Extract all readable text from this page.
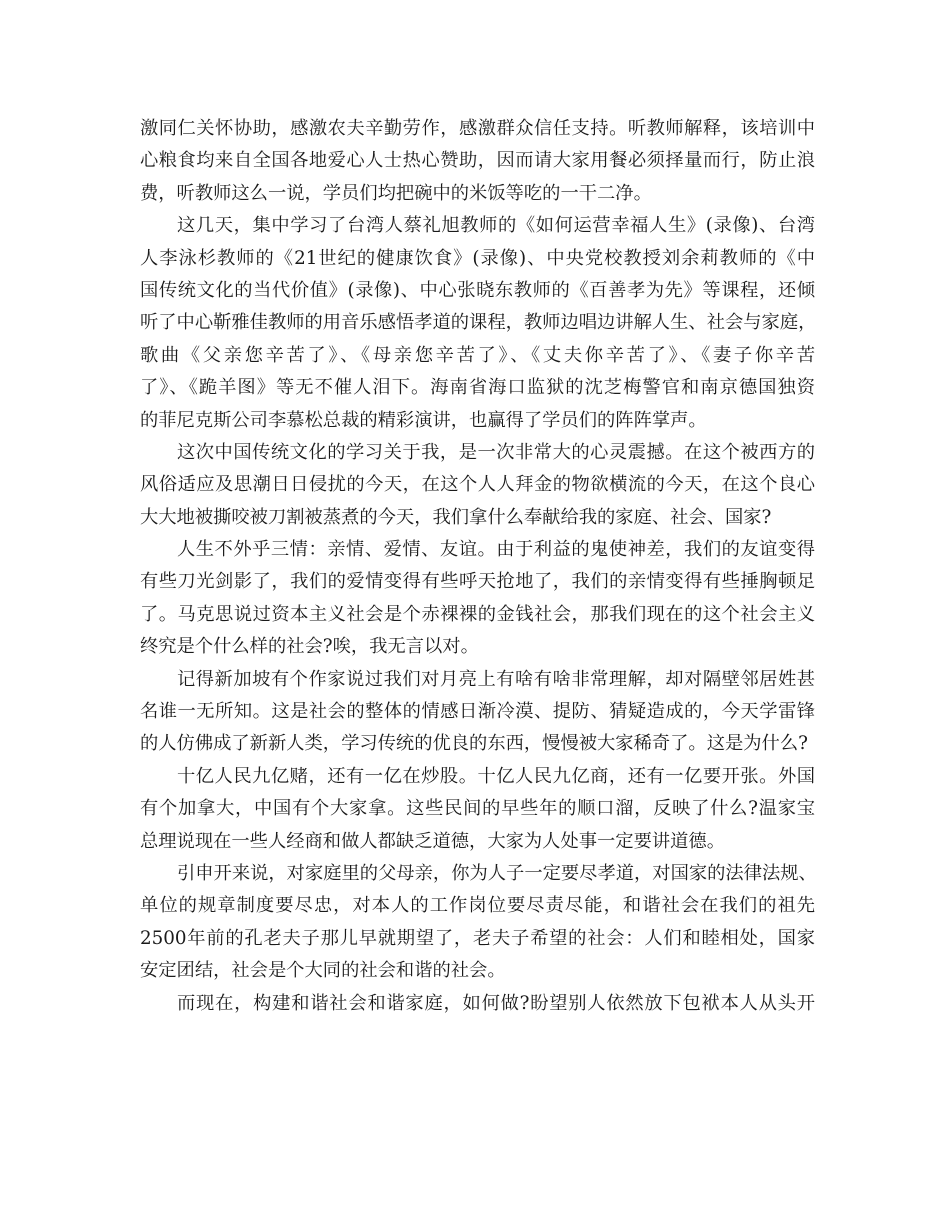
激同仁关怀协助，感激农夫辛勤劳作，感激群众信任支持。听教师解释，该培训中
心粮食均来自全国各地爱心人士热心赞助，因而请大家用餐必须择量而行，防止浪
费，听教师这么一说，学员们均把碗中的米饭等吃的一干二净。
这几天，集中学习了台湾人蔡礼旭教师的《如何运营幸福人生》(录像)、台湾
人李泳杉教师的《21世纪的健康饮食》(录像)、中央党校教授刘余莉教师的《中
国传统文化的当代价值》(录像)、中心张晓东教师的《百善孝为先》等课程，还倾
听了中心靳雅佳教师的用音乐感悟孝道的课程，教师边唱边讲解人生、社会与家庭，
歌曲《父亲您辛苦了》、《母亲您辛苦了》、《丈夫你辛苦了》、《妻子你辛苦
了》、《跪羊图》等无不催人泪下。海南省海口监狱的沈芝梅警官和南京德国独资
的菲尼克斯公司李慕松总裁的精彩演讲，也赢得了学员们的阵阵掌声。
这次中国传统文化的学习关于我，是一次非常大的心灵震撼。在这个被西方的
风俗适应及思潮日日侵扰的今天，在这个人人拜金的物欲横流的今天，在这个良心
大大地被撕咬被刀割被蒸煮的今天，我们拿什么奉献给我的家庭、社会、国家?
人生不外乎三情：亲情、爱情、友谊。由于利益的鬼使神差，我们的友谊变得
有些刀光剑影了，我们的爱情变得有些呼天抢地了，我们的亲情变得有些捶胸顿足
了。马克思说过资本主义社会是个赤裸裸的金钱社会，那我们现在的这个社会主义
终究是个什么样的社会?唉，我无言以对。
记得新加坡有个作家说过我们对月亮上有啥有啥非常理解，却对隔壁邻居姓甚
名谁一无所知。这是社会的整体的情感日渐冷漠、提防、猜疑造成的，今天学雷锋
的人仿佛成了新新人类，学习传统的优良的东西，慢慢被大家稀奇了。这是为什么?
十亿人民九亿赌，还有一亿在炒股。十亿人民九亿商，还有一亿要开张。外国
有个加拿大，中国有个大家拿。这些民间的早些年的顺口溜，反映了什么?温家宝
总理说现在一些人经商和做人都缺乏道德，大家为人处事一定要讲道德。
引申开来说，对家庭里的父母亲，你为人子一定要尽孝道，对国家的法律法规、
单位的规章制度要尽忠，对本人的工作岗位要尽责尽能，和谐社会在我们的祖先
2500年前的孔老夫子那儿早就期望了，老夫子希望的社会：人们和睦相处，国家
安定团结，社会是个大同的社会和谐的社会。
而现在，构建和谐社会和谐家庭，如何做?盼望别人依然放下包袱本人从头开
